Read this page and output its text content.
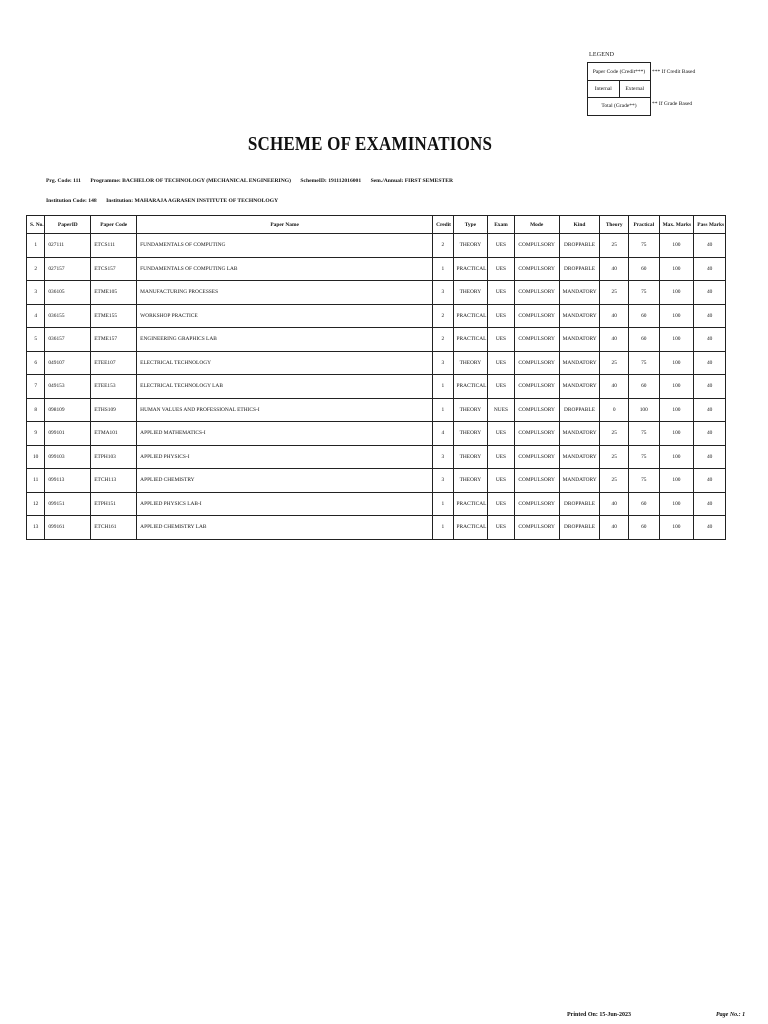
LEGEND
Paper Code (Credit***)
Internal	External
Total (Grade**)
*** If Credit Based
** If Grade Based
SCHEME OF EXAMINATIONS
Prg. Code: 111 Programme: BACHELOR OF TECHNOLOGY (MECHANICAL ENGINEERING) SchemeID: 191112016001 Sem./Annual: FIRST SEMESTER
Institution Code: 148 Institution: MAHARAJA AGRASEN INSTITUTE OF TECHNOLOGY
S. No.	PaperID	Paper Code	Paper Name	Credit	Type	Exam	Mode	Kind	Theory	Practical	Max. Marks	Pass Marks
1	027111	ETCS111	FUNDAMENTALS OF COMPUTING	2	THEORY	UES	COMPULSORY	DROPPABLE	25	75	100	40
2	027157	ETCS157	FUNDAMENTALS OF COMPUTING LAB	1	PRACTICAL	UES	COMPULSORY	DROPPABLE	40	60	100	40
3	036105	ETME105	MANUFACTURING PROCESSES	3	THEORY	UES	COMPULSORY	MANDATORY	25	75	100	40
4	036155	ETME155	WORKSHOP PRACTICE	2	PRACTICAL	UES	COMPULSORY	MANDATORY	40	60	100	40
5	036157	ETME157	ENGINEERING GRAPHICS LAB	2	PRACTICAL	UES	COMPULSORY	MANDATORY	40	60	100	40
6	049107	ETEE107	ELECTRICAL TECHNOLOGY	3	THEORY	UES	COMPULSORY	MANDATORY	25	75	100	40
7	049153	ETEE153	ELECTRICAL TECHNOLOGY LAB	1	PRACTICAL	UES	COMPULSORY	MANDATORY	40	60	100	40
8	098109	ETHS109	HUMAN VALUES AND PROFESSIONAL ETHICS-I	1	THEORY	NUES	COMPULSORY	DROPPABLE	0	100	100	40
9	099101	ETMA101	APPLIED MATHEMATICS-I	4	THEORY	UES	COMPULSORY	MANDATORY	25	75	100	40
10	099103	ETPH103	APPLIED PHYSICS-I	3	THEORY	UES	COMPULSORY	MANDATORY	25	75	100	40
11	099113	ETCH113	APPLIED CHEMISTRY	3	THEORY	UES	COMPULSORY	MANDATORY	25	75	100	40
12	099151	ETPH151	APPLIED PHYSICS LAB-I	1	PRACTICAL	UES	COMPULSORY	DROPPABLE	40	60	100	40
13	099161	ETCH161	APPLIED CHEMISTRY LAB	1	PRACTICAL	UES	COMPULSORY	DROPPABLE	40	60	100	40
Printed On: 15-Jun-2023	Page No.: 1
